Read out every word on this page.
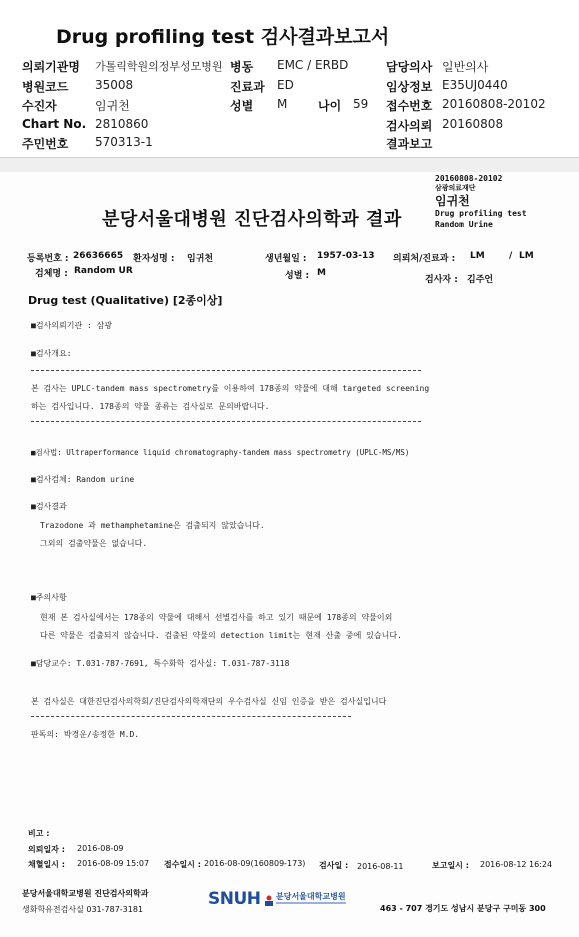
Drug profiling test 검사결과보고서
의뢰기관명 가톨릭학원의정부성모병원 병동 EMC / ERBD	담당의사 일반의사
병원코드 35008	진료과 ED	임상정보 E35UJ0440
수진자	임귀천	성별 M	나이 59 접수번호 20160808-20102
Chart No. 2810860	검사의뢰 20160808
주민번호 570313-1	결과보고
20160808-20102
삼광의료재단
임귀천
Drug profiling test
Random Urine
분당서울대병원 진단검사의학과 결과
등록번호 : 26636665 환자성명 : 임귀천	생년월일 : 1957-03-13 의뢰처/진료과 : LM	/ LM
검체명 : Random UR	성별 : M
검사자 : 김주언
Drug test (Qualitative) [2종이상]
■검사의뢰기관 : 삼광
■검사개요:
본 검사는 UPLC-tandem mass spectrometry를 이용하여 178종의 약물에 대해 targeted screening
하는 검사입니다. 178종의 약물 종류는 검사실로 문의바랍니다.
■검사법: Ultraperformance liquid chromatography-tandem mass spectrometry (UPLC-MS/MS)
■검사검체: Random urine
■검사결과
Trazodone 과 methamphetamine은 검출되지 않았습니다.
그외의 검출약물은 없습니다.
■주의사항
현재 본 검사실에서는 178종의 약물에 대해서 선별검사를 하고 있기 때문에 178종의 약물이외
다른 약물은 검출되지 않습니다. 검출된 약물의 detection limit는 현재 산출 중에 있습니다.
■담당교수: T.031-787-7691, 특수화학 검사실: T.031-787-3118
본 검사실은 대한진단검사의학회/진단검사의학재단의 우수검사실 신임 인증을 받은 검사실입니다
판독의: 박경운/송정한 M.D.
비고 :
의뢰일자 : 2016-08-09
채혈일시 : 2016-08-09 15:07 접수일시 : 2016-08-09(160809-173) 검사일 : 2016-08-11	보고일시 : 2016-08-12 16:24
분당서울대학교병원 진단검사의학과
생화학유전검사실 031-787-3181
SNUH 분당서울대학교병원
463 - 707 경기도 성남시 분당구 구미동 300
